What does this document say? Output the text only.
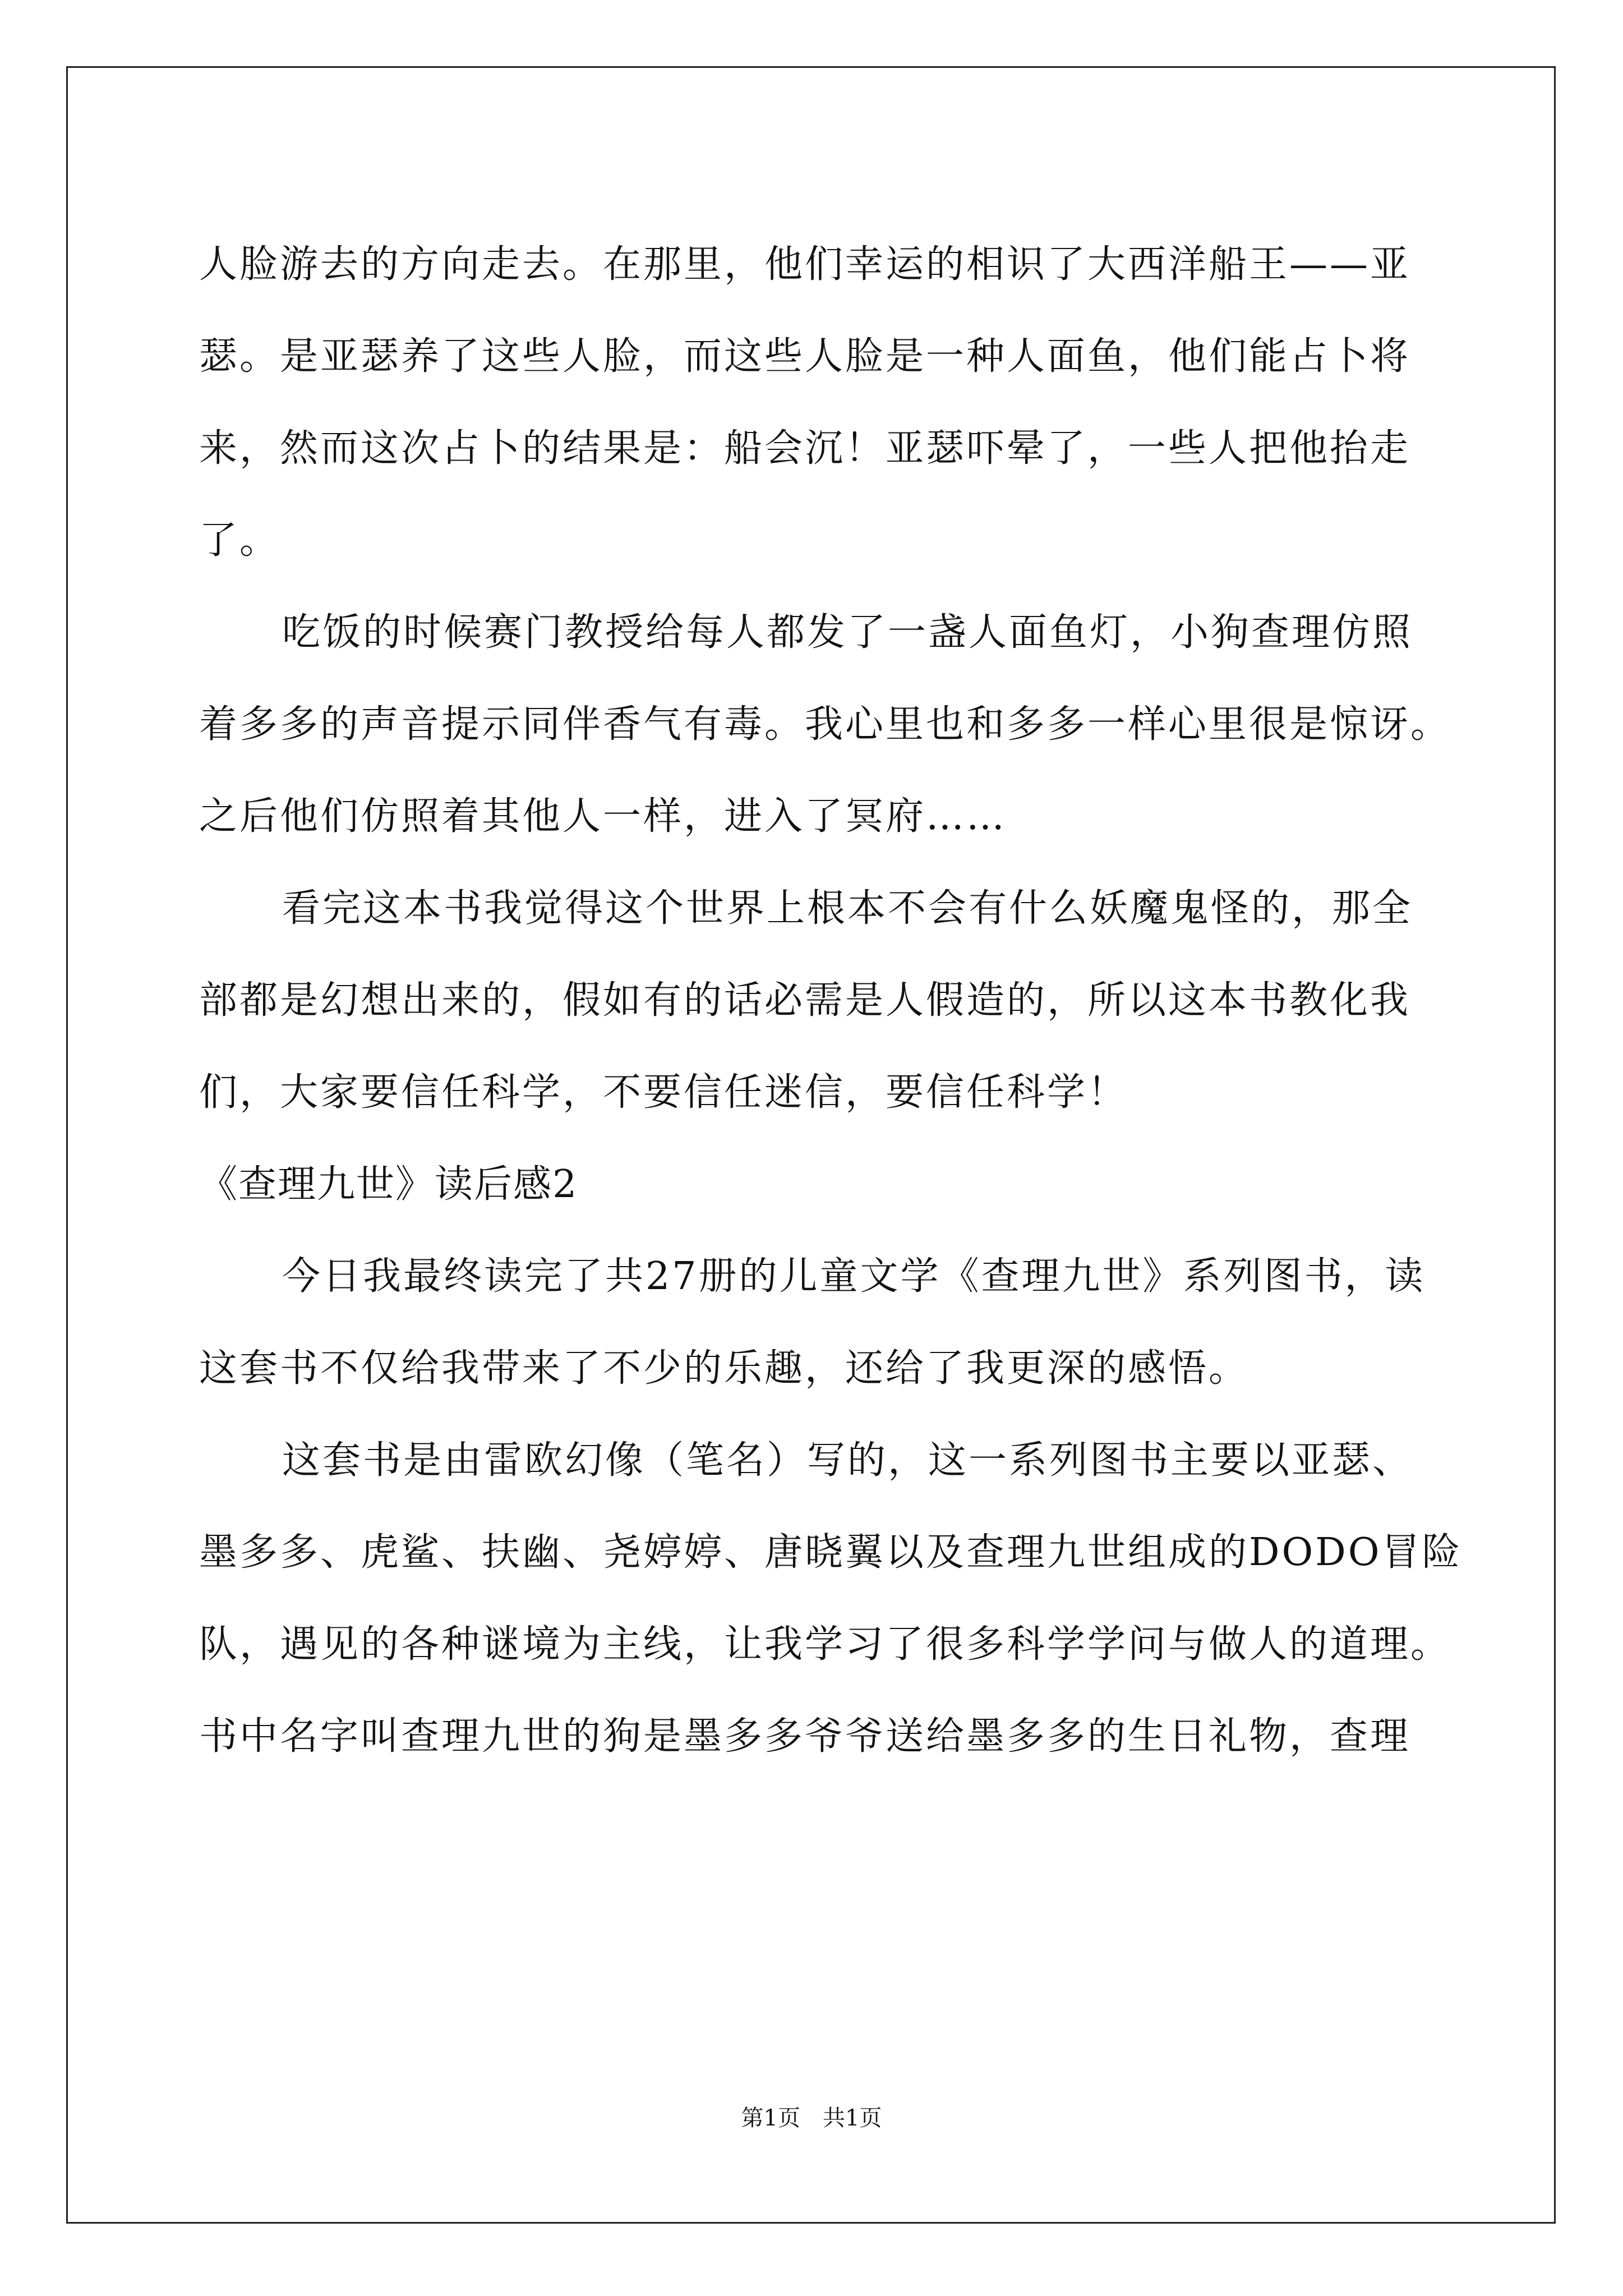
人脸游去的方向走去。在那里，他们幸运的相识了大西洋船王——亚
瑟。是亚瑟养了这些人脸，而这些人脸是一种人面鱼，他们能占卜将
来，然而这次占卜的结果是：船会沉！亚瑟吓晕了，一些人把他抬走
了。
吃饭的时候赛门教授给每人都发了一盏人面鱼灯，小狗查理仿照
着多多的声音提示同伴香气有毒。我心里也和多多一样心里很是惊讶。
之后他们仿照着其他人一样，进入了冥府……
看完这本书我觉得这个世界上根本不会有什么妖魔鬼怪的，那全
部都是幻想出来的，假如有的话必需是人假造的，所以这本书教化我
们，大家要信任科学，不要信任迷信，要信任科学！
《查理九世》读后感2
今日我最终读完了共27册的儿童文学《查理九世》系列图书，读
这套书不仅给我带来了不少的乐趣，还给了我更深的感悟。
这套书是由雷欧幻像（笔名）写的，这一系列图书主要以亚瑟、
墨多多、虎鲨、扶幽、尧婷婷、唐晓翼以及查理九世组成的DODO冒险
队，遇见的各种谜境为主线，让我学习了很多科学学问与做人的道理。
书中名字叫查理九世的狗是墨多多爷爷送给墨多多的生日礼物，查理
第1页 共1页
